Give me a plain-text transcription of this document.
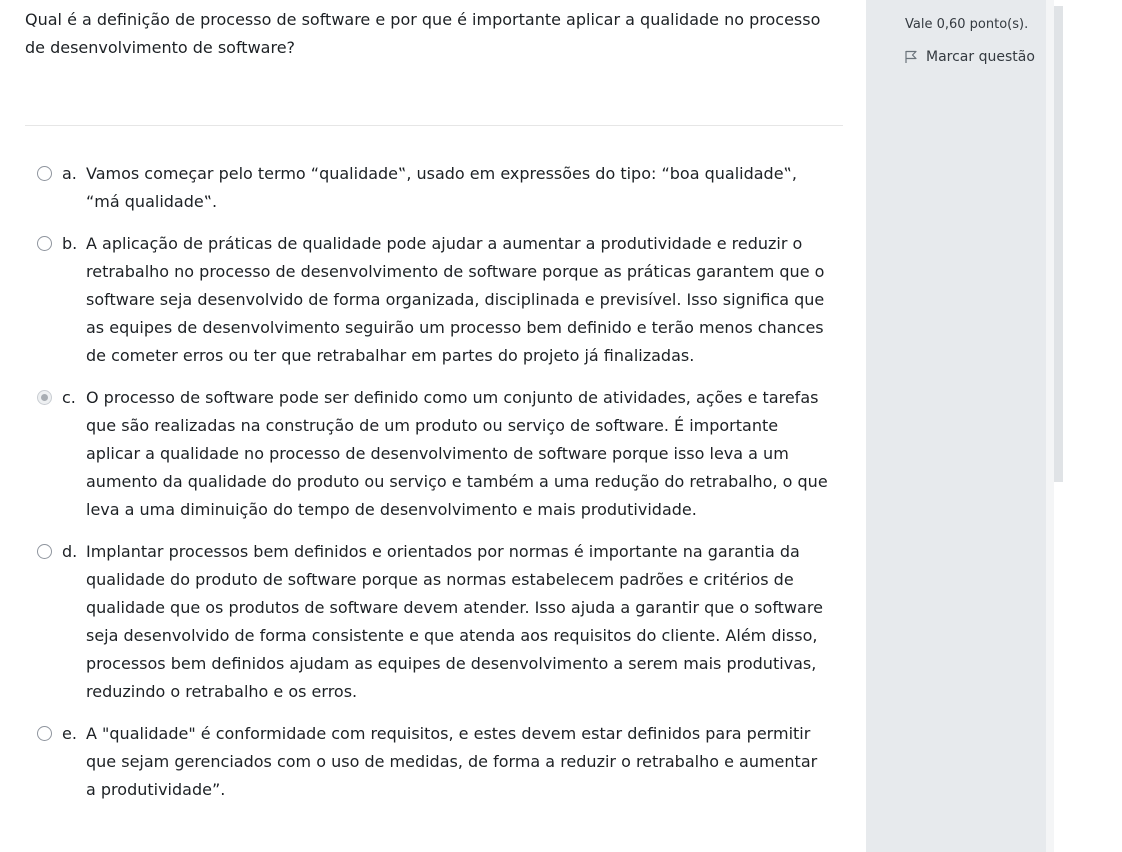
Qual é a definição de processo de software e por que é importante aplicar a qualidade no processo de desenvolvimento de software?
a. Vamos começar pelo termo “qualidade‟, usado em expressões do tipo: “boa qualidade‟, “má qualidade‟.
b. A aplicação de práticas de qualidade pode ajudar a aumentar a produtividade e reduzir o retrabalho no processo de desenvolvimento de software porque as práticas garantem que o software seja desenvolvido de forma organizada, disciplinada e previsível. Isso significa que as equipes de desenvolvimento seguirão um processo bem definido e terão menos chances de cometer erros ou ter que retrabalhar em partes do projeto já finalizadas.
c. O processo de software pode ser definido como um conjunto de atividades, ações e tarefas que são realizadas na construção de um produto ou serviço de software. É importante aplicar a qualidade no processo de desenvolvimento de software porque isso leva a um aumento da qualidade do produto ou serviço e também a uma redução do retrabalho, o que leva a uma diminuição do tempo de desenvolvimento e mais produtividade.
d. Implantar processos bem definidos e orientados por normas é importante na garantia da qualidade do produto de software porque as normas estabelecem padrões e critérios de qualidade que os produtos de software devem atender. Isso ajuda a garantir que o software seja desenvolvido de forma consistente e que atenda aos requisitos do cliente. Além disso, processos bem definidos ajudam as equipes de desenvolvimento a serem mais produtivas, reduzindo o retrabalho e os erros.
e. A "qualidade" é conformidade com requisitos, e estes devem estar definidos para permitir que sejam gerenciados com o uso de medidas, de forma a reduzir o retrabalho e aumentar a produtividade”.
Vale 0,60 ponto(s).
Marcar questão
